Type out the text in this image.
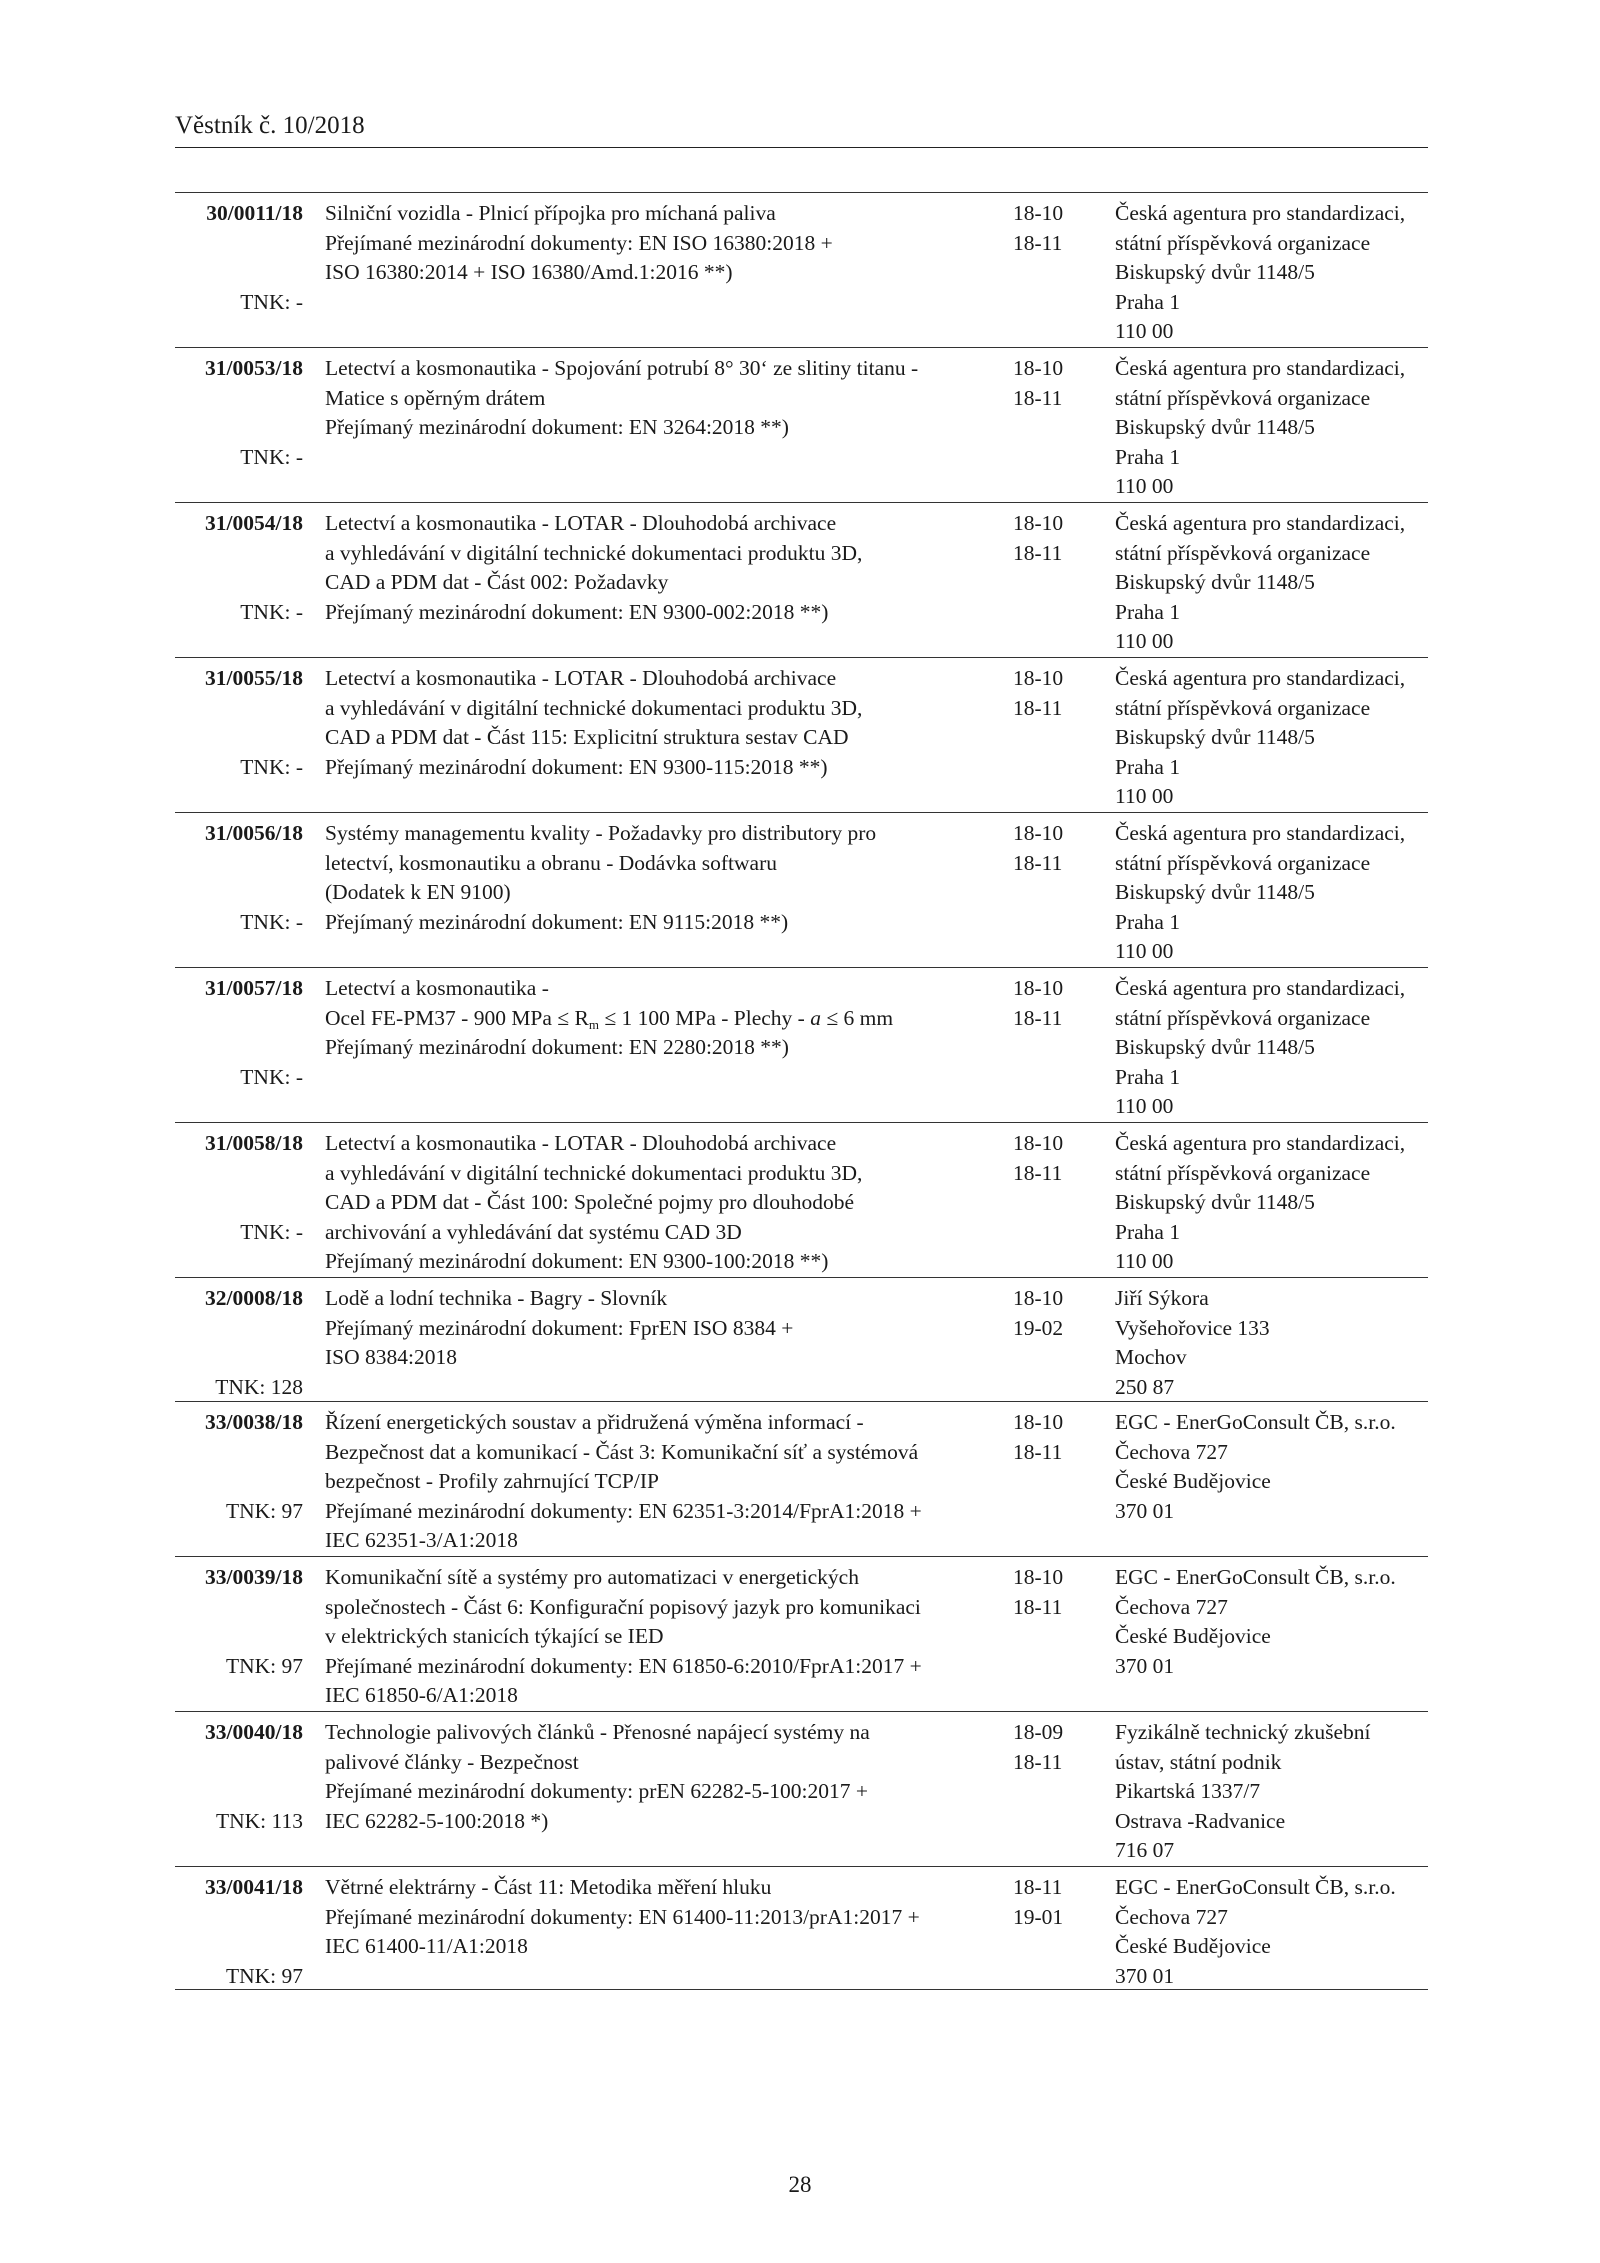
Věstník č. 10/2018
30/0011/18
TNK: -
Silniční vozidla - Plnicí přípojka pro míchaná paliva
Přejímané mezinárodní dokumenty: EN ISO 16380:2018 +
ISO 16380:2014 + ISO 16380/Amd.1:2016 **)
18-10
18-11
Česká agentura pro standardizaci,
státní příspěvková organizace
Biskupský dvůr 1148/5
Praha 1
110 00
31/0053/18
TNK: -
Letectví a kosmonautika - Spojování potrubí 8° 30‘ ze slitiny titanu -
Matice s opěrným drátem
Přejímaný mezinárodní dokument: EN 3264:2018 **)
18-10
18-11
Česká agentura pro standardizaci,
státní příspěvková organizace
Biskupský dvůr 1148/5
Praha 1
110 00
31/0054/18
TNK: -
Letectví a kosmonautika - LOTAR - Dlouhodobá archivace
a vyhledávání v digitální technické dokumentaci produktu 3D,
CAD a PDM dat - Část 002: Požadavky
Přejímaný mezinárodní dokument: EN 9300-002:2018 **)
18-10
18-11
Česká agentura pro standardizaci,
státní příspěvková organizace
Biskupský dvůr 1148/5
Praha 1
110 00
31/0055/18
TNK: -
Letectví a kosmonautika - LOTAR - Dlouhodobá archivace
a vyhledávání v digitální technické dokumentaci produktu 3D,
CAD a PDM dat - Část 115: Explicitní struktura sestav CAD
Přejímaný mezinárodní dokument: EN 9300-115:2018 **)
18-10
18-11
Česká agentura pro standardizaci,
státní příspěvková organizace
Biskupský dvůr 1148/5
Praha 1
110 00
31/0056/18
TNK: -
Systémy managementu kvality - Požadavky pro distributory pro
letectví, kosmonautiku a obranu - Dodávka softwaru
(Dodatek k EN 9100)
Přejímaný mezinárodní dokument: EN 9115:2018 **)
18-10
18-11
Česká agentura pro standardizaci,
státní příspěvková organizace
Biskupský dvůr 1148/5
Praha 1
110 00
31/0057/18
TNK: -
Letectví a kosmonautika -
Ocel FE-PM37 - 900 MPa ≤ $R_m \le 1$ 100 MPa - Plechy - a ≤ 6 mm
Přejímaný mezinárodní dokument: EN 2280:2018 **)
18-10
18-11
Česká agentura pro standardizaci,
státní příspěvková organizace
Biskupský dvůr 1148/5
Praha 1
110 00
31/0058/18
TNK: -
Letectví a kosmonautika - LOTAR - Dlouhodobá archivace
a vyhledávání v digitální technické dokumentaci produktu 3D,
CAD a PDM dat - Část 100: Společné pojmy pro dlouhodobé
archivování a vyhledávání dat systému CAD 3D
Přejímaný mezinárodní dokument: EN 9300-100:2018 **)
18-10
18-11
Česká agentura pro standardizaci,
státní příspěvková organizace
Biskupský dvůr 1148/5
Praha 1
110 00
32/0008/18
TNK: 128
Lodě a lodní technika - Bagry - Slovník
Přejímaný mezinárodní dokument: FprEN ISO 8384 +
ISO 8384:2018
18-10
19-02
Jiří Sýkora
Vyšehořovice 133
Mochov
250 87
33/0038/18
TNK: 97
Řízení energetických soustav a přidružená výměna informací -
Bezpečnost dat a komunikací - Část 3: Komunikační síť a systémová
bezpečnost - Profily zahrnující TCP/IP
Přejímané mezinárodní dokumenty: EN 62351-3:2014/FprA1:2018 +
IEC 62351-3/A1:2018
18-10
18-11
EGC - EnerGoConsult ČB, s.r.o.
Čechova 727
České Budějovice
370 01
33/0039/18
TNK: 97
Komunikační sítě a systémy pro automatizaci v energetických
společnostech - Část 6: Konfigurační popisový jazyk pro komunikaci
v elektrických stanicích týkající se IED
Přejímané mezinárodní dokumenty: EN 61850-6:2010/FprA1:2017 +
IEC 61850-6/A1:2018
18-10
18-11
EGC - EnerGoConsult ČB, s.r.o.
Čechova 727
České Budějovice
370 01
33/0040/18
TNK: 113
Technologie palivových článků - Přenosné napájecí systémy na
palivové články - Bezpečnost
Přejímané mezinárodní dokumenty: prEN 62282-5-100:2017 +
IEC 62282-5-100:2018 *)
18-09
18-11
Fyzikálně technický zkušební
ústav, státní podnik
Pikartská 1337/7
Ostrava -Radvanice
716 07
33/0041/18
TNK: 97
Větrné elektrárny - Část 11: Metodika měření hluku
Přejímané mezinárodní dokumenty: EN 61400-11:2013/prA1:2017 +
IEC 61400-11/A1:2018
18-11
19-01
EGC - EnerGoConsult ČB, s.r.o.
Čechova 727
České Budějovice
370 01
28
